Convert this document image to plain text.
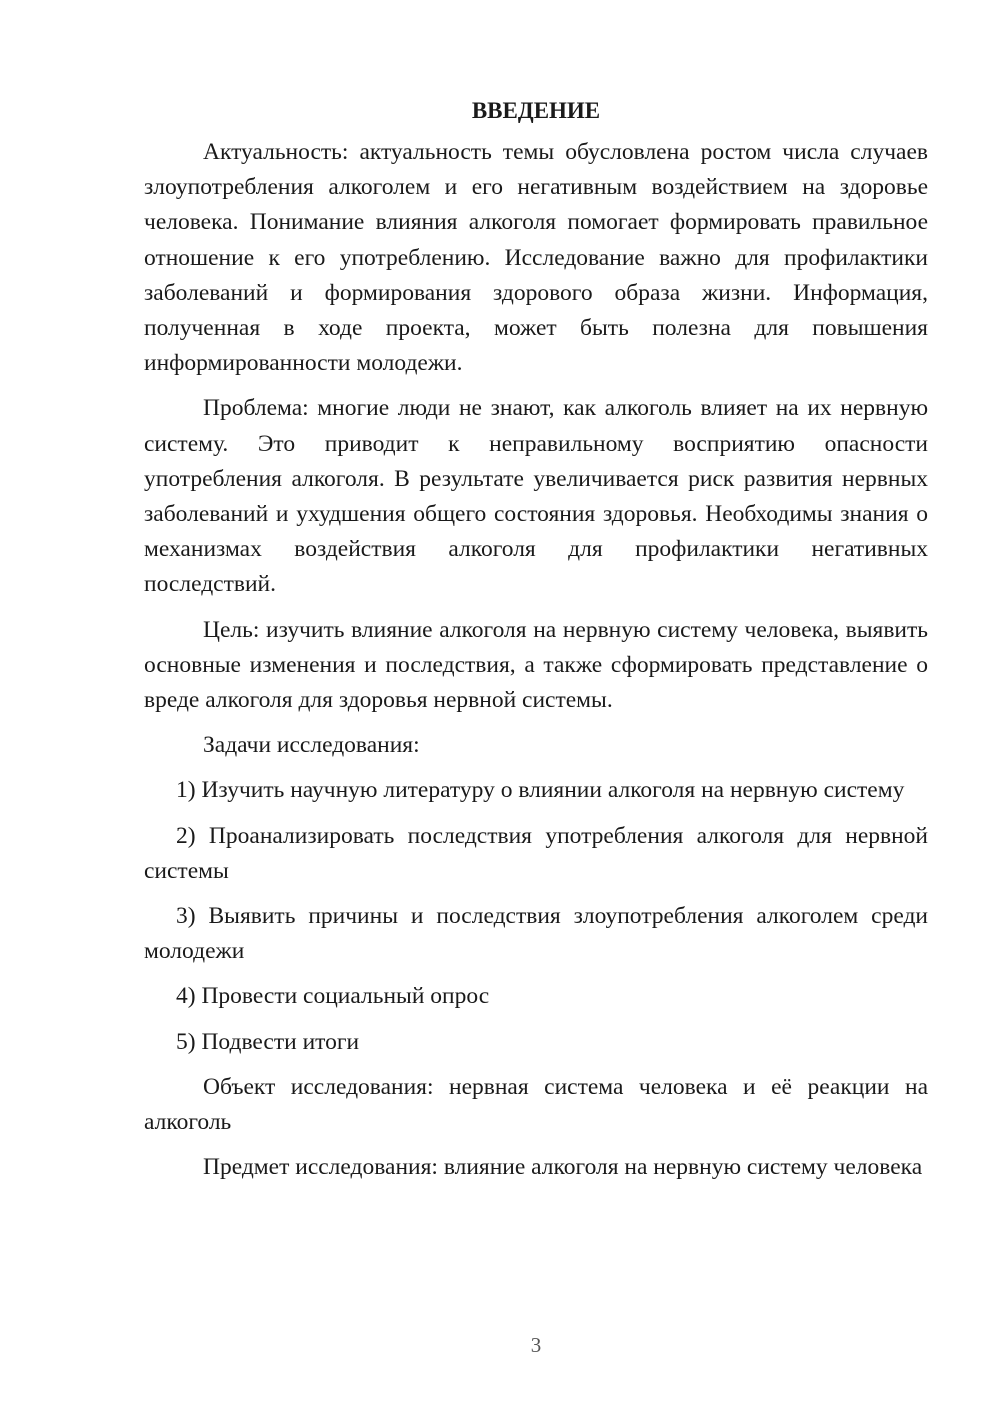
ВВЕДЕНИЕ

Актуальность: актуальность темы обусловлена ростом числа случаев злоупотребления алкоголем и его негативным воздействием на здоровье человека. Понимание влияния алкоголя помогает формировать правильное отношение к его употреблению. Исследование важно для профилактики заболеваний и формирования здорового образа жизни. Информация, полученная в ходе проекта, может быть полезна для повышения информированности молодежи.

Проблема: многие люди не знают, как алкоголь влияет на их нервную систему. Это приводит к неправильному восприятию опасности употребления алкоголя. В результате увеличивается риск развития нервных заболеваний и ухудшения общего состояния здоровья. Необходимы знания о механизмах воздействия алкоголя для профилактики негативных последствий.

Цель: изучить влияние алкоголя на нервную систему человека, выявить основные изменения и последствия, а также сформировать представление о вреде алкоголя для здоровья нервной системы.

Задачи исследования:

1) Изучить научную литературу о влиянии алкоголя на нервную систему

2) Проанализировать последствия употребления алкоголя для нервной системы

3) Выявить причины и последствия злоупотребления алкоголем среди молодежи

4) Провести социальный опрос

5) Подвести итоги

Объект исследования: нервная система человека и её реакции на алкоголь

Предмет исследования: влияние алкоголя на нервную систему человека

3
